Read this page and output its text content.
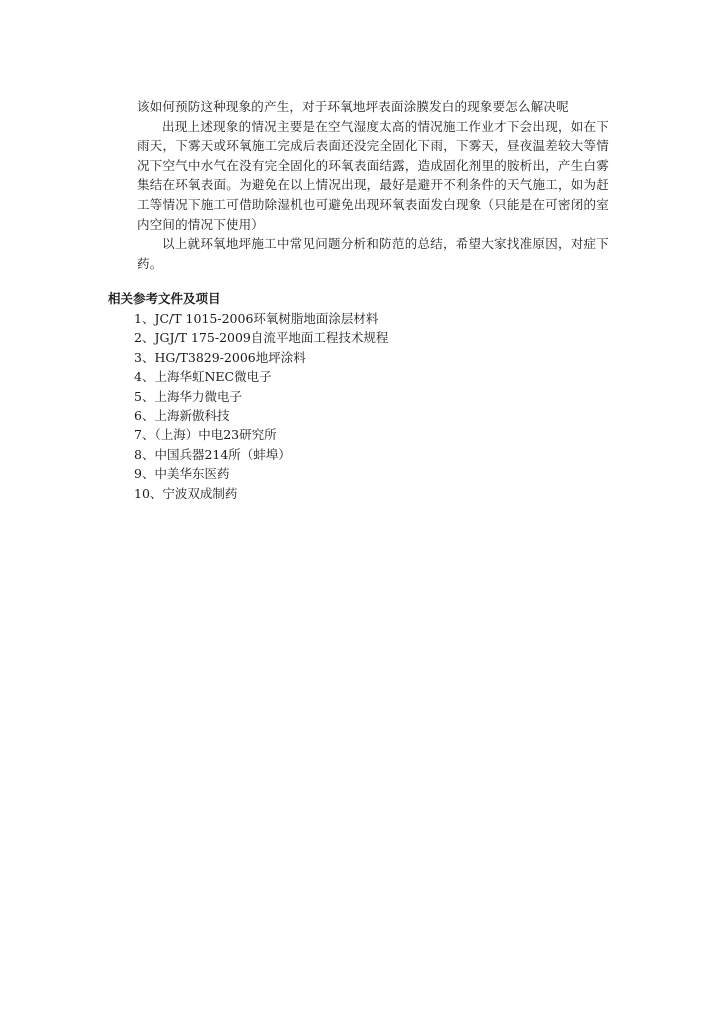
该如何预防这种现象的产生，对于环氧地坪表面涂膜发白的现象要怎么解决呢

出现上述现象的情况主要是在空气湿度太高的情况施工作业才下会出现，如在下雨天，下雾天或环氧施工完成后表面还没完全固化下雨，下雾天，昼夜温差较大等情况下空气中水气在没有完全固化的环氧表面结露，造成固化剂里的胺析出，产生白雾集结在环氧表面。为避免在以上情况出现，最好是避开不利条件的天气施工，如为赶工等情况下施工可借助除湿机也可避免出现环氧表面发白现象（只能是在可密闭的室内空间的情况下使用）

以上就环氧地坪施工中常见问题分析和防范的总结，希望大家找准原因，对症下药。

相关参考文件及项目
1、JC/T 1015-2006环氧树脂地面涂层材料
2、JGJ/T 175-2009自流平地面工程技术规程
3、HG/T3829-2006地坪涂料
4、上海华虹NEC微电子
5、上海华力微电子
6、上海新傲科技
7、（上海）中电23研究所
8、中国兵器214所（蚌埠）
9、中美华东医药
10、宁波双成制药
